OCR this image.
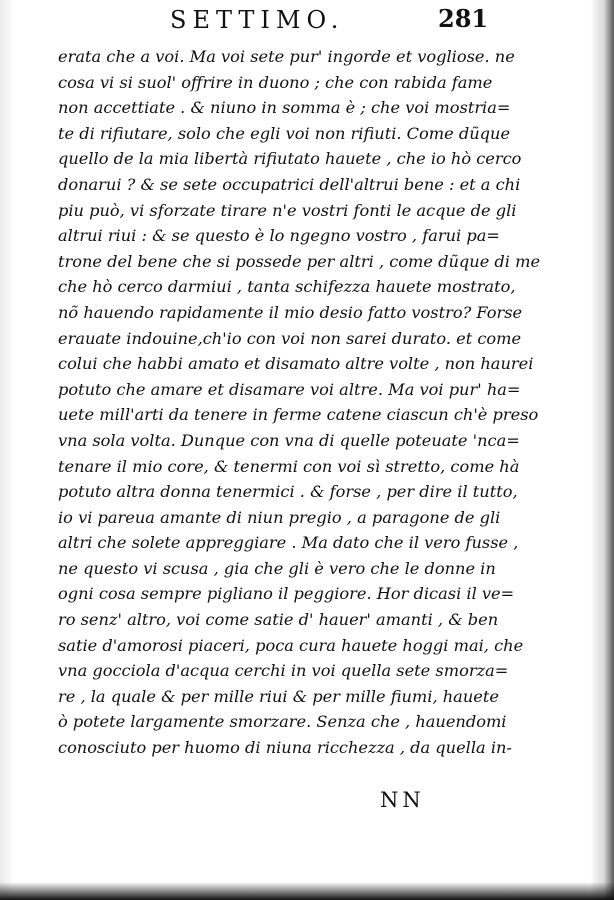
SETTIMO.	281
erata che a voi. Ma voi sete pur' ingorde et vogliose. ne
cosa vi si suol' offrire in duono ; che con rabida fame
non accettiate . & niuno in somma è ; che voi mostria=
te di rifiutare, solo che egli voi non rifiuti. Come dũque
quello de la mia libertà rifiutato hauete , che io hò cerco
donarui ? & se sete occupatrici dell'altrui bene : et a chi
piu può, vi sforzate tirare n'e vostri fonti le acque de gli
altrui riui : & se questo è lo ngegno vostro , farui pa=
trone del bene che si possede per altri , come dũque di me
che hò cerco darmiui , tanta schifezza hauete mostrato,
nõ hauendo rapidamente il mio desio fatto vostro? Forse
erauate indouine,ch'io con voi non sarei durato. et come
colui che habbi amato et disamato altre volte , non haurei
potuto che amare et disamare voi altre. Ma voi pur' ha=
uete mill'arti da tenere in ferme catene ciascun ch'è preso
vna sola volta. Dunque con vna di quelle poteuate 'nca=
tenare il mio core, & tenermi con voi sì stretto, come hà
potuto altra donna tenermici . & forse , per dire il tutto,
io vi pareua amante di niun pregio , a paragone de gli
altri che solete appreggiare . Ma dato che il vero fusse ,
ne questo vi scusa , gia che gli è vero che le donne in
ogni cosa sempre pigliano il peggiore. Hor dicasi il ve=
ro senz' altro, voi come satie d' hauer' amanti , & ben
satie d'amorosi piaceri, poca cura hauete hoggi mai, che
vna gocciola d'acqua cerchi in voi quella sete smorza=
re , la quale & per mille riui & per mille fiumi, hauete
ò potete largamente smorzare. Senza che , hauendomi
conosciuto per huomo di niuna ricchezza , da quella in-
NN
